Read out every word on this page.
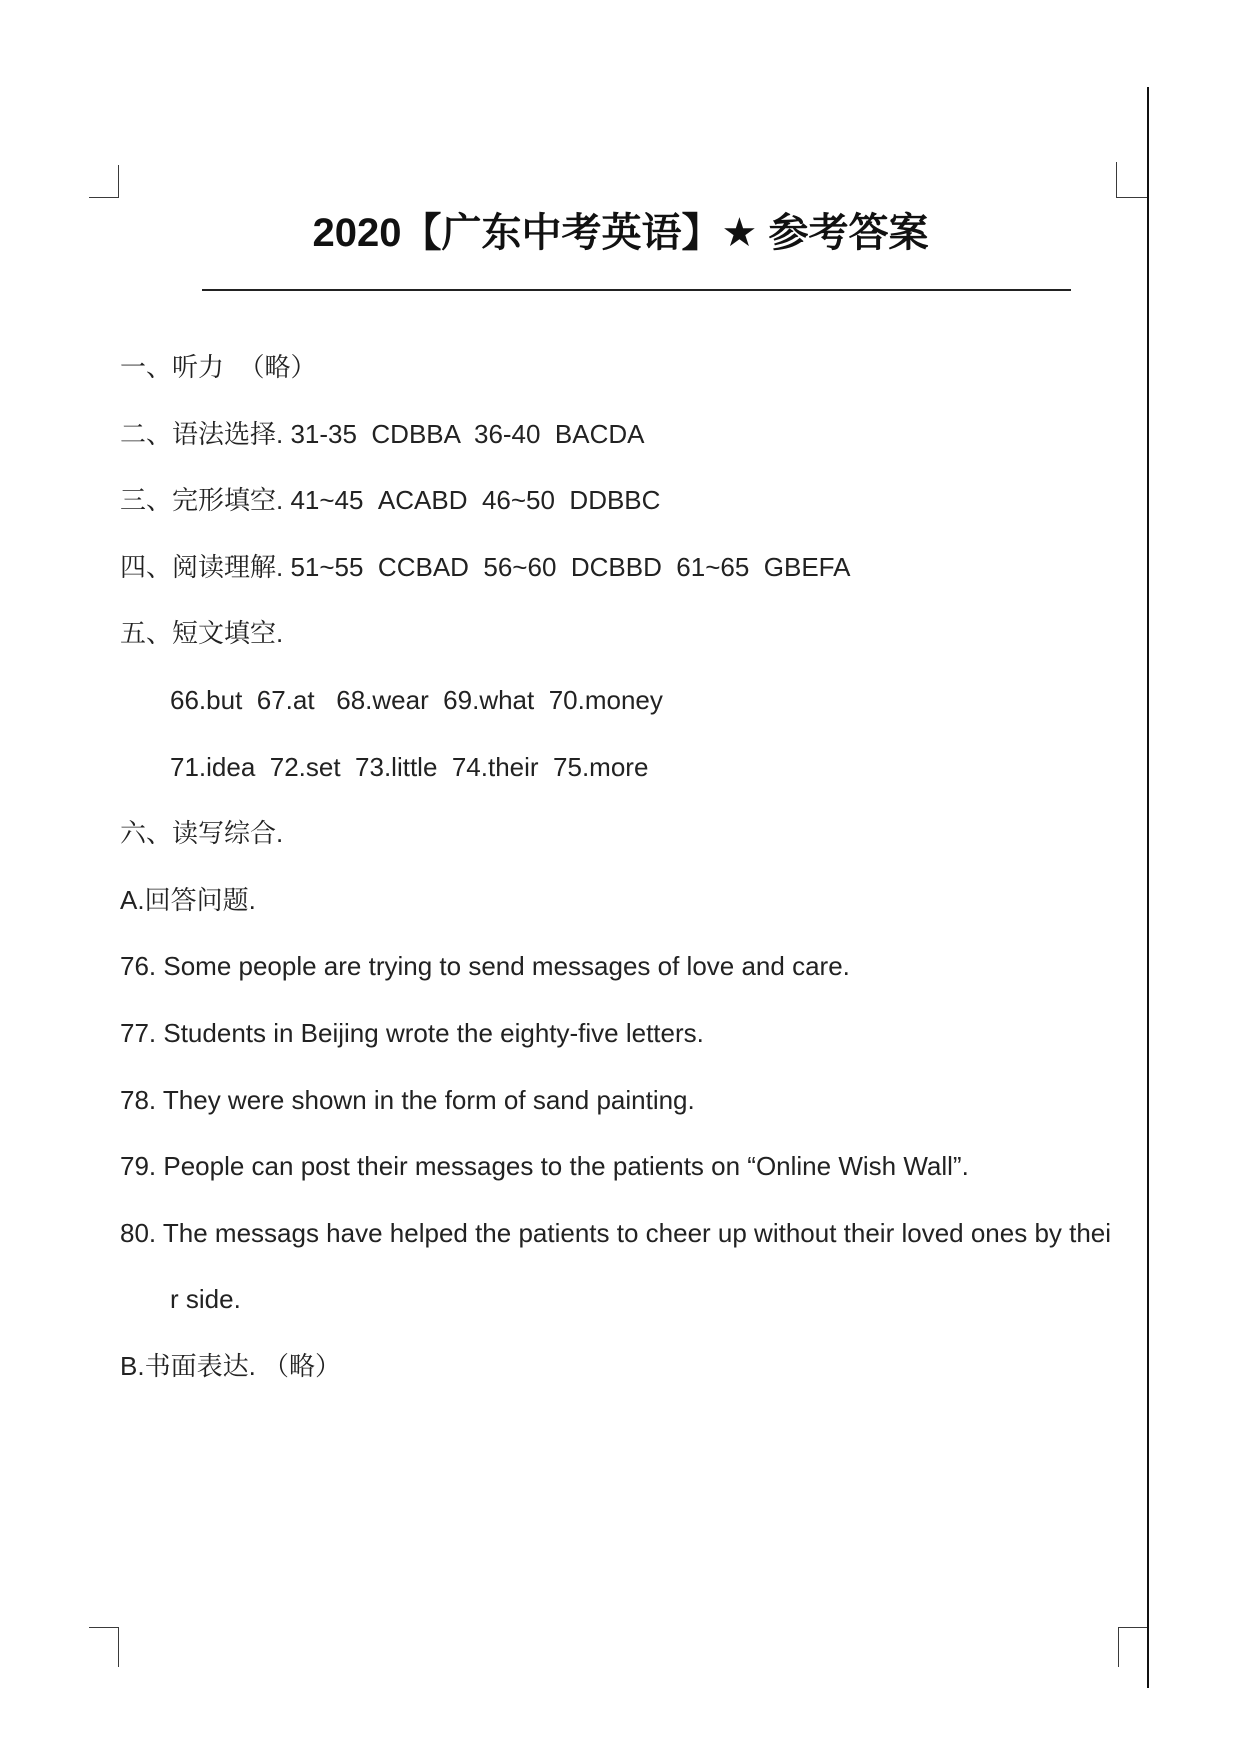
2020【广东中考英语】★ 参考答案
一、听力  （略）
二、语法选择. 31-35  CDBBA  36-40  BACDA
三、完形填空. 41~45  ACABD  46~50  DDBBC
四、阅读理解. 51~55  CCBAD  56~60  DCBBD  61~65  GBEFA
五、短文填空.
66.but  67.at   68.wear  69.what  70.money
71.idea  72.set  73.little  74.their  75.more
六、读写综合.
A.回答问题.
76. Some people are trying to send messages of love and care.
77. Students in Beijing wrote the eighty-five letters.
78. They were shown in the form of sand painting.
79. People can post their messages to the patients on “Online Wish Wall”.
80. The messags have helped the patients to cheer up without their loved ones by thei
r side.
B.书面表达. （略）
